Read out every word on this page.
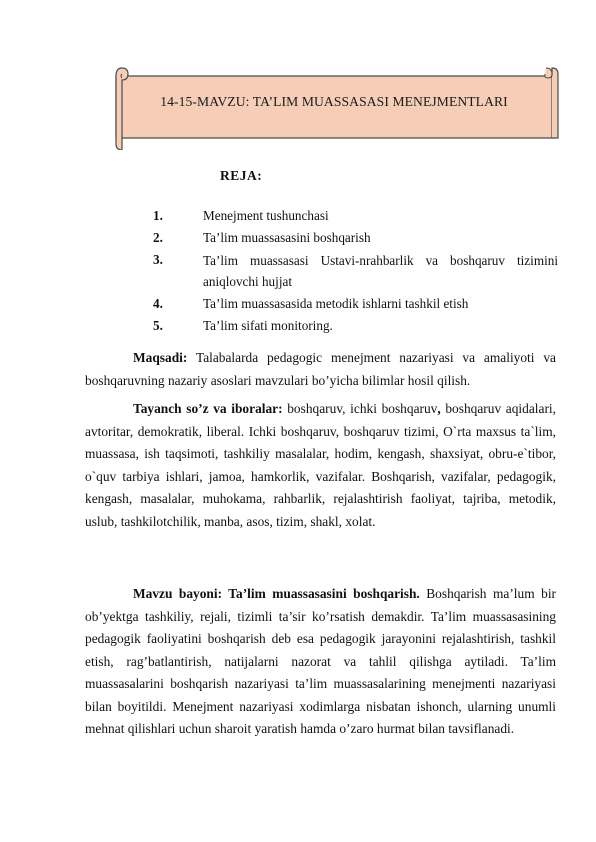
14-15-MAVZU: TA’LIM MUASSASASI MENEJMENTLARI
REJA:
1.	Menejment tushunchasi
2.	Ta’lim muassasasini boshqarish
3.	Ta’lim muassasasi Ustavi-nrahbarlik va boshqaruv tizimini aniqlovchi hujjat
4.	Ta’lim muassasasida metodik ishlarni tashkil etish
5.	Ta’lim sifati monitoring.

Maqsadi: Talabalarda pedagogic menejment nazariyasi va amaliyoti va boshqaruvning nazariy asoslari mavzulari bo’yicha bilimlar hosil qilish.

Tayanch so’z va iboralar: boshqaruv, ichki boshqaruv, boshqaruv aqidalari, avtoritar, demokratik, liberal. Ichki boshqaruv, boshqaruv tizimi, O`rta maxsus ta`lim, muassasa, ish taqsimoti, tashkiliy masalalar, hodim, kengash, shaxsiyat, obru-e`tibor, o`quv tarbiya ishlari, jamoa, hamkorlik, vazifalar. Boshqarish, vazifalar, pedagogik, kengash, masalalar, muhokama, rahbarlik, rejalashtirish faoliyat, tajriba, metodik, uslub, tashkilotchilik, manba, asos, tizim, shakl, xolat.

Mavzu bayoni: Ta’lim muassasasini boshqarish. Boshqarish ma’lum bir ob’yektga tashkiliy, rejali, tizimli ta’sir ko’rsatish demakdir. Ta’lim muassasasining pedagogik faoliyatini boshqarish deb esa pedagogik jarayonini rejalashtirish, tashkil etish, rag’batlantirish, natijalarni nazorat va tahlil qilishga aytiladi. Ta’lim muassasalarini boshqarish nazariyasi ta’lim muassasalarining menejmenti nazariyasi bilan boyitildi. Menejment nazariyasi xodimlarga nisbatan ishonch, ularning unumli mehnat qilishlari uchun sharoit yaratish hamda o’zaro hurmat bilan tavsiflanadi.
